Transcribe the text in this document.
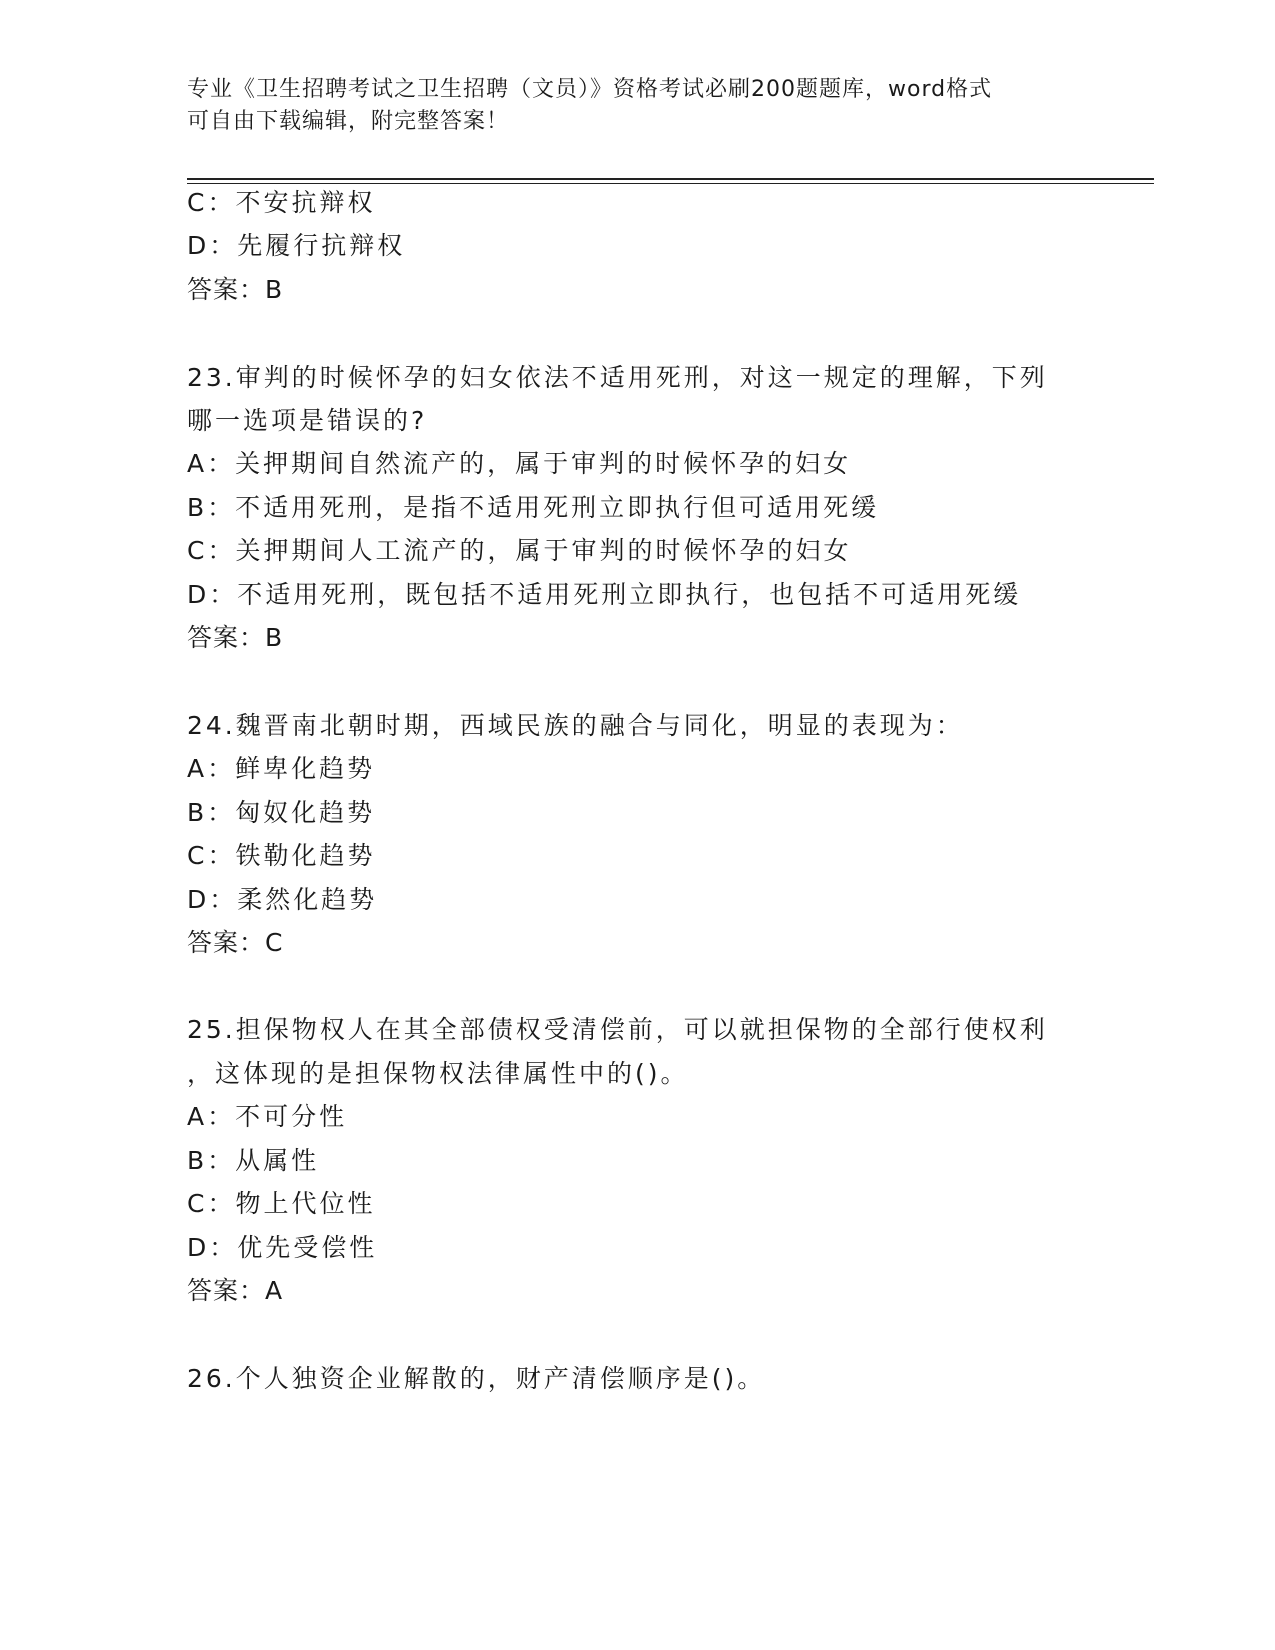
专业《卫生招聘考试之卫生招聘（文员）》资格考试必刷200题题库，word格式
可自由下载编辑，附完整答案！
C：不安抗辩权
D：先履行抗辩权
答案：B
23.审判的时候怀孕的妇女依法不适用死刑，对这一规定的理解，下列
哪一选项是错误的?
A：关押期间自然流产的，属于审判的时候怀孕的妇女
B：不适用死刑，是指不适用死刑立即执行但可适用死缓
C：关押期间人工流产的，属于审判的时候怀孕的妇女
D：不适用死刑，既包括不适用死刑立即执行，也包括不可适用死缓
答案：B
24.魏晋南北朝时期，西域民族的融合与同化，明显的表现为：
A：鲜卑化趋势
B：匈奴化趋势
C：铁勒化趋势
D：柔然化趋势
答案：C
25.担保物权人在其全部债权受清偿前，可以就担保物的全部行使权利
，这体现的是担保物权法律属性中的()。
A：不可分性
B：从属性
C：物上代位性
D：优先受偿性
答案：A
26.个人独资企业解散的，财产清偿顺序是()。
